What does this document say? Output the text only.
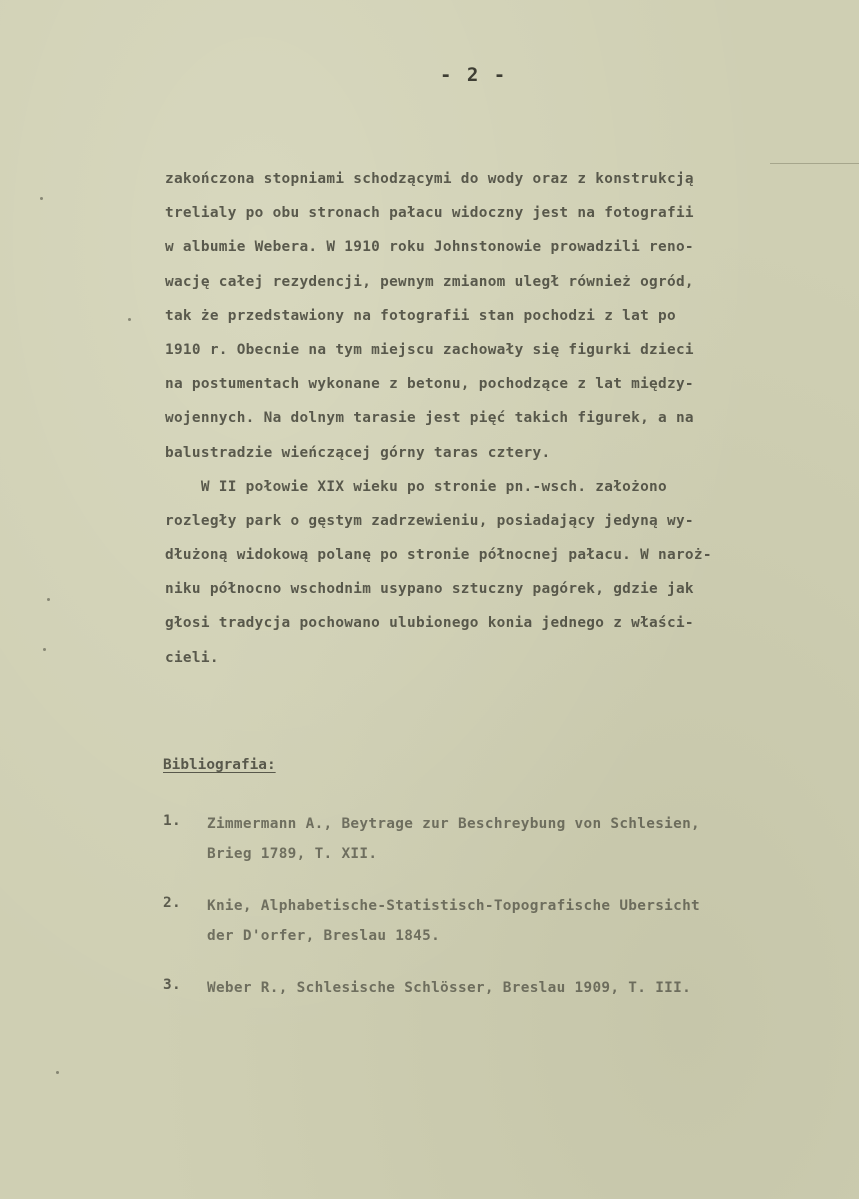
- 2 -
zakończona stopniami schodzącymi do wody oraz z konstrukcją
trelialy po obu stronach pałacu widoczny jest na fotografii
w albumie Webera. W 1910 roku Johnstonowie prowadzili reno-
wację całej rezydencji, pewnym zmianom uległ również ogród,
tak że przedstawiony na fotografii stan pochodzi z lat po
1910 r. Obecnie na tym miejscu zachowały się figurki dzieci
na postumentach wykonane z betonu, pochodzące z lat między-
wojennych. Na dolnym tarasie jest pięć takich figurek, a na
balustradzie wieńczącej górny taras cztery.
W II połowie XIX wieku po stronie pn.-wsch. założono
rozległy park o gęstym zadrzewieniu, posiadający jedyną wy-
dłużoną widokową polanę po stronie północnej pałacu. W naroż-
niku północno wschodnim usypano sztuczny pagórek, gdzie jak
głosi tradycja pochowano ulubionego konia jednego z właści-
cieli.
Bibliografia:
1.	Zimmermann A., Beytrage zur Beschreybung von Schlesien,
Brieg 1789, T. XII.
2.	Knie, Alphabetische-Statistisch-Topografische Ubersicht
der D'orfer, Breslau 1845.
3.	Weber R., Schlesische Schlösser, Breslau 1909, T. III.
